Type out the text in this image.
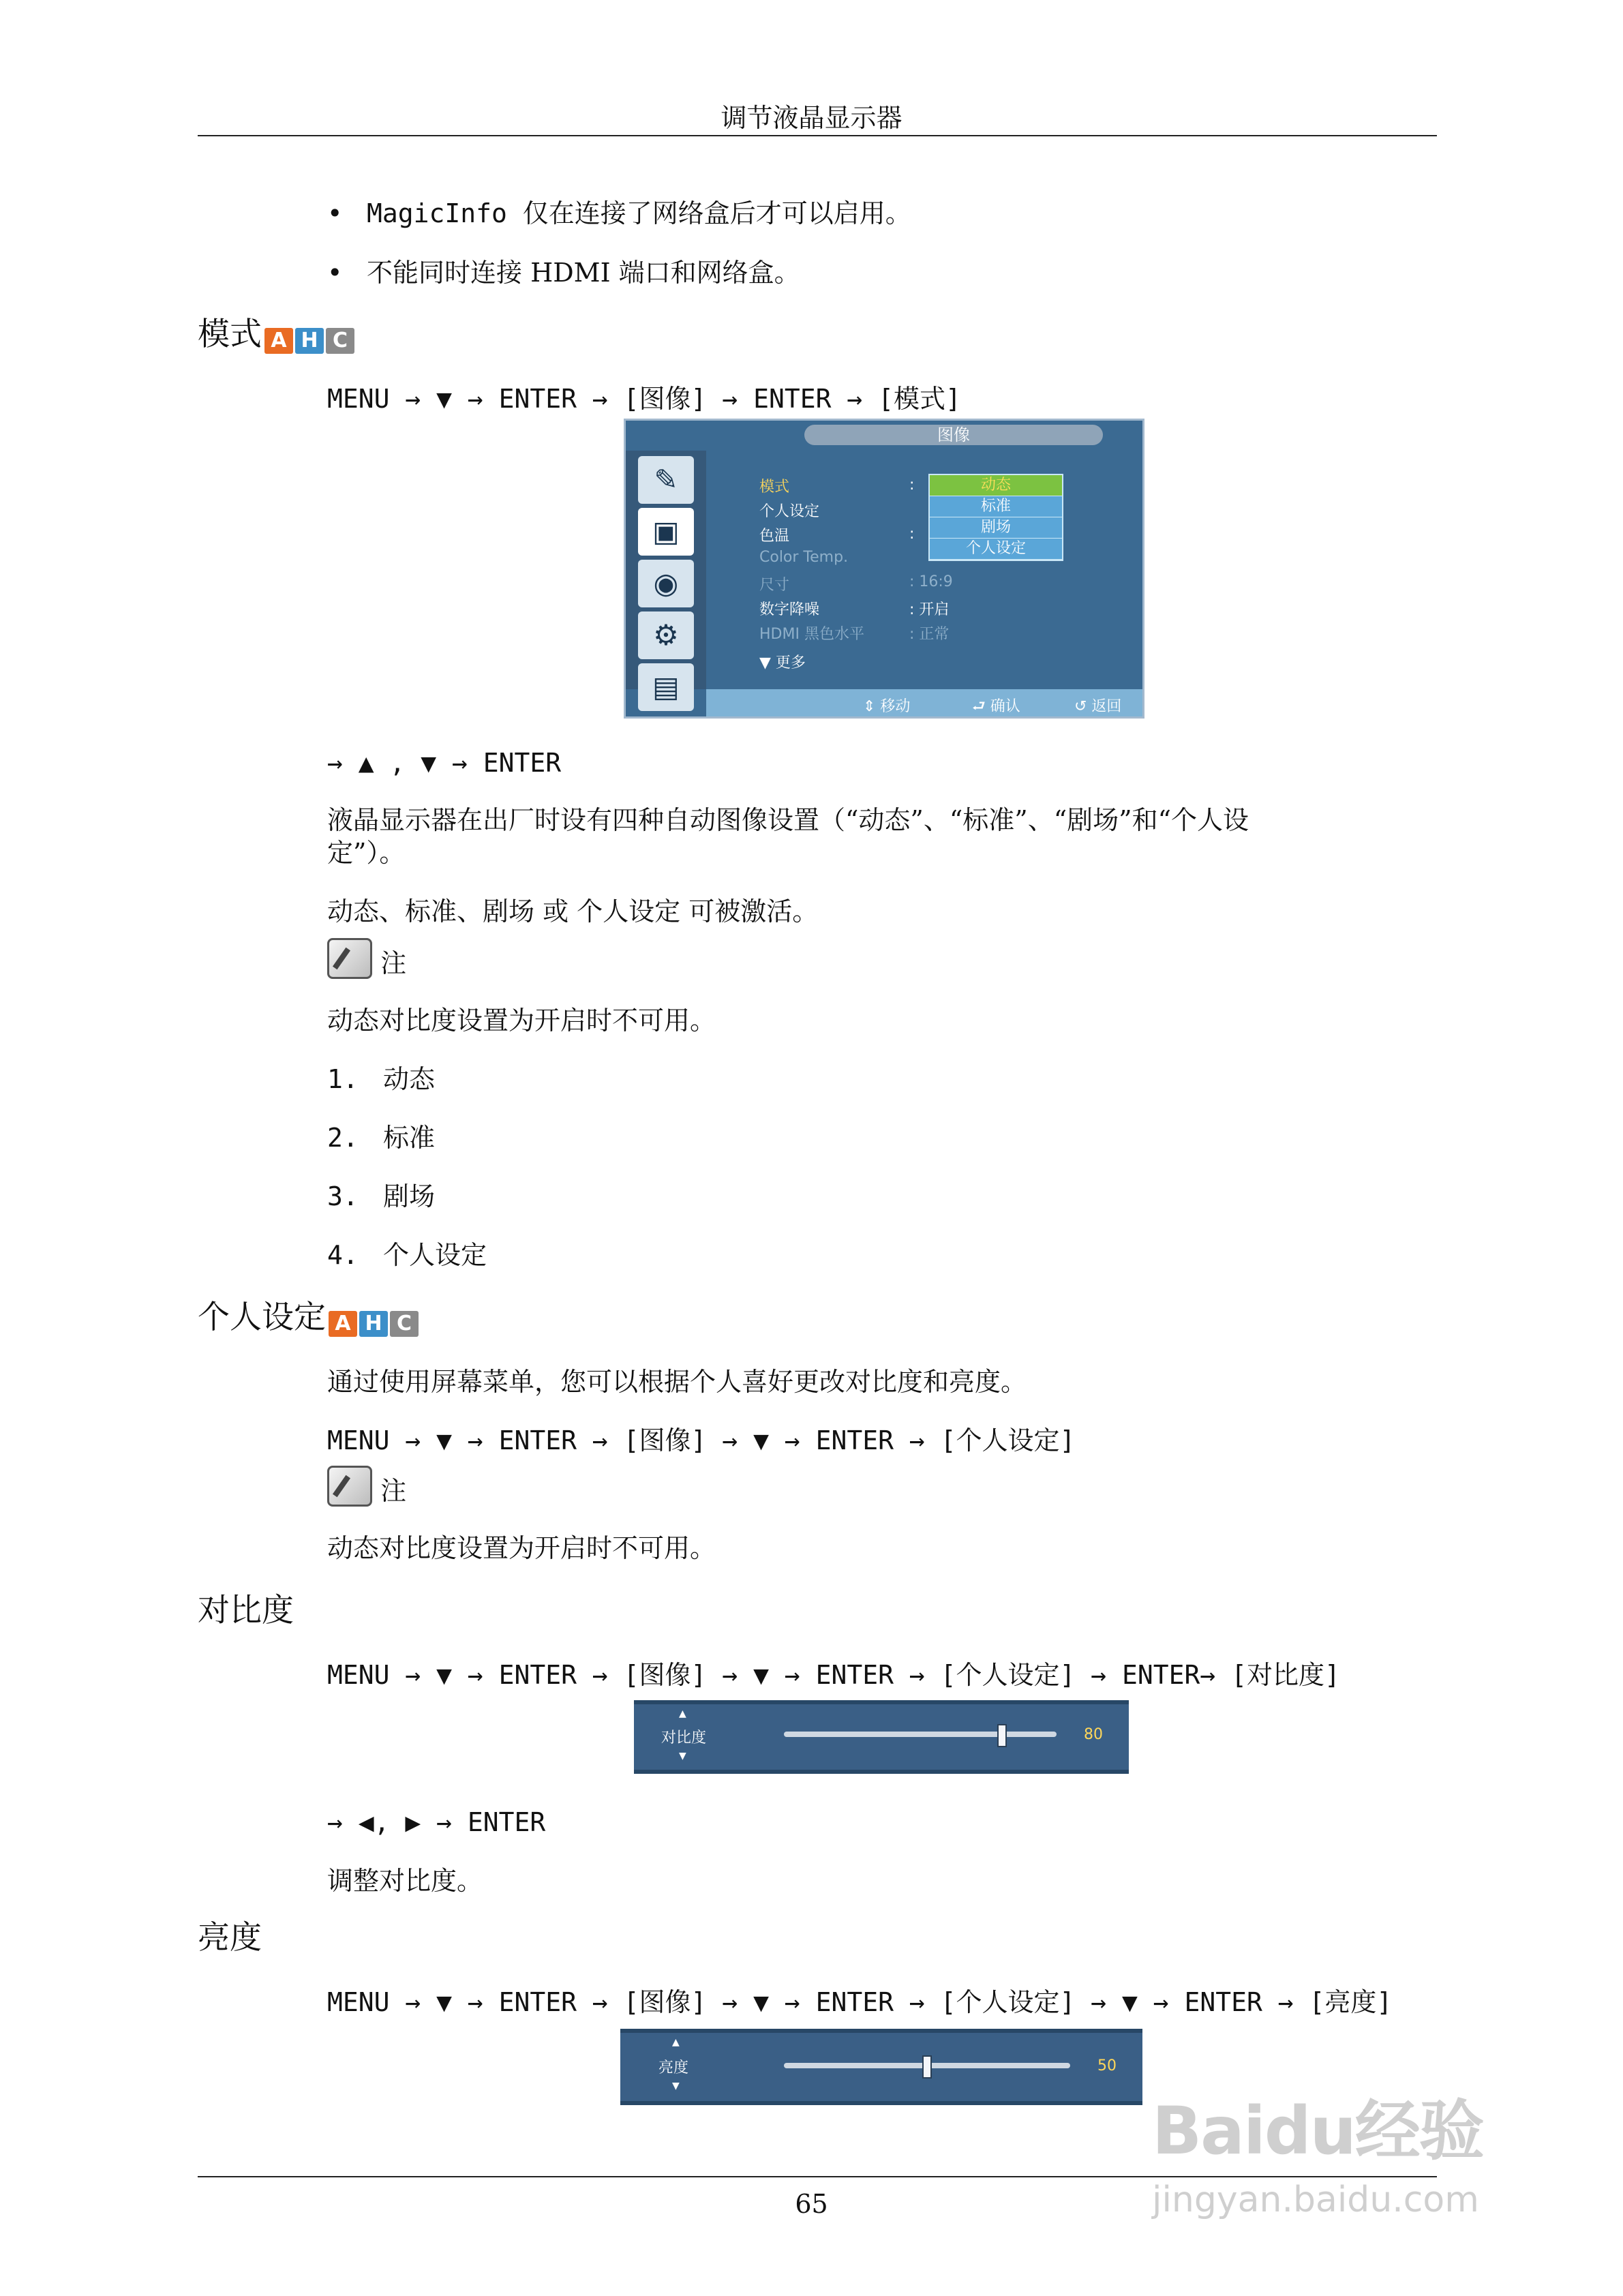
调节液晶显示器
• MagicInfo 仅在连接了网络盒后才可以启用。
• 不能同时连接 HDMI 端口和网络盒。
模式 A H C
MENU → ▼ → ENTER → [图像] → ENTER → [模式]
图像
✎
▣
◉
⚙
▤
模式
个人设定
色温
Color Temp.
尺寸
数字降噪
HDMI 黑色水平
▼ 更多
:
:
: 16:9
: 开启
: 正常
动态
标准
剧场
个人设定
⇕ 移动	⮐ 确认	↺ 返回
→ ▲ , ▼ → ENTER
液晶显示器在出厂时设有四种自动图像设置（“动态”、“标准”、“剧场”和“个人设
定”）。
动态、标准、剧场 或 个人设定 可被激活。
注
动态对比度设置为开启时不可用。
1. 动态
2. 标准
3. 剧场
4. 个人设定
个人设定 A H C
通过使用屏幕菜单，您可以根据个人喜好更改对比度和亮度。
MENU → ▼ → ENTER → [图像] → ▼ → ENTER → [个人设定]
注
动态对比度设置为开启时不可用。
对比度
MENU → ▼ → ENTER → [图像] → ▼ → ENTER → [个人设定] → ENTER→ [对比度]
▲
对比度
▼
80
→ ◀, ▶ → ENTER
调整对比度。
亮度
MENU → ▼ → ENTER → [图像] → ▼ → ENTER → [个人设定] → ▼ → ENTER → [亮度]
▲
亮度
▼
50
65
Baidu经验
jingyan.baidu.com
